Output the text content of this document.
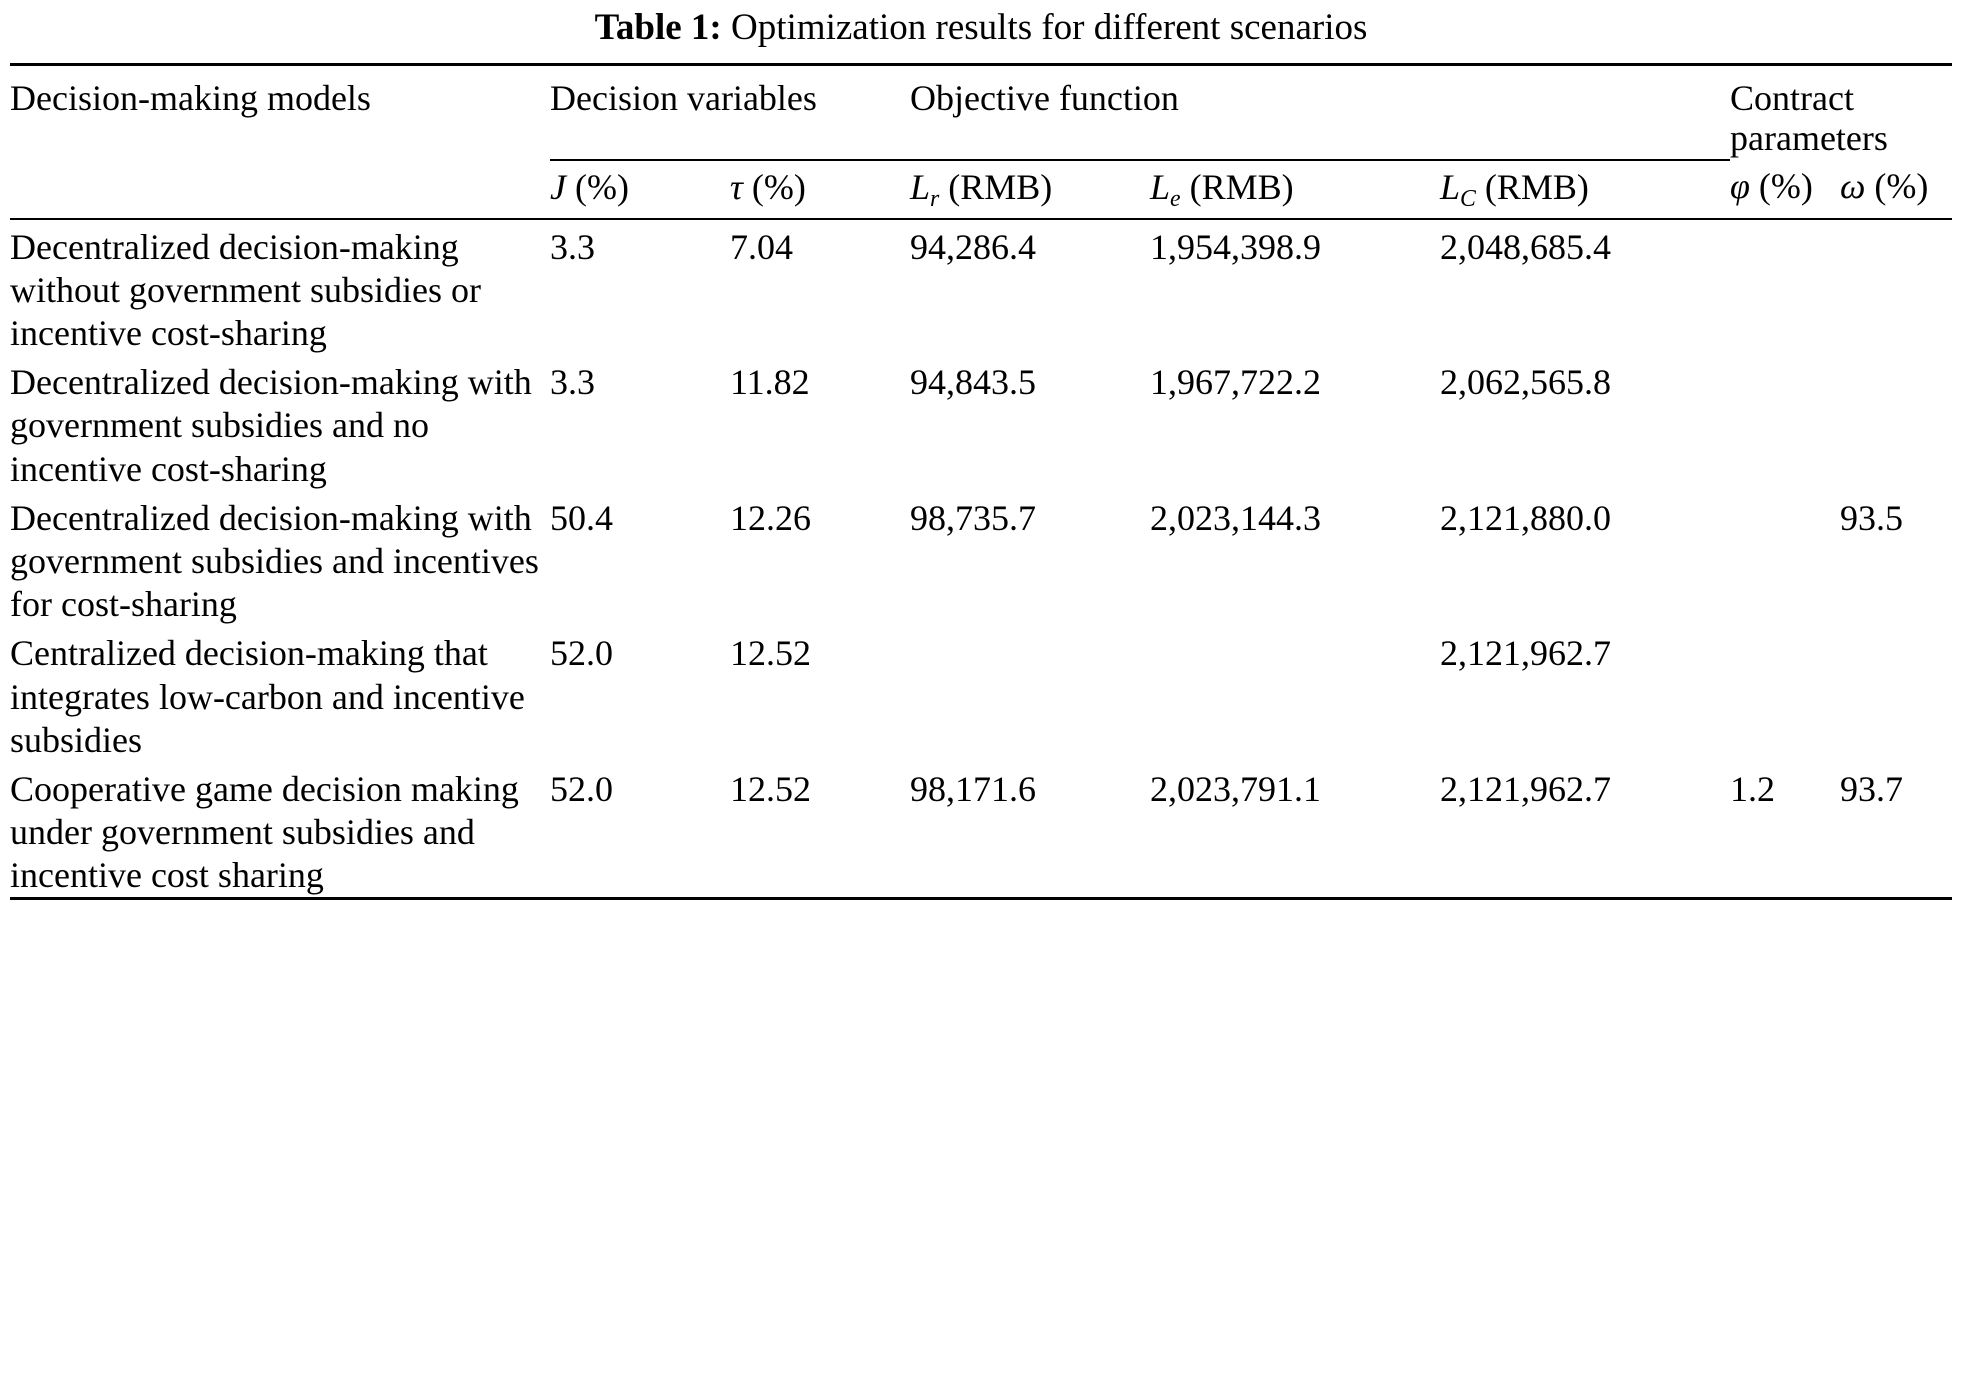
Table 1: Optimization results for different scenarios
Decision-making models	Decision variables		Objective function			Contract parameters	
	J (%)	τ (%)	$L_r$ (RMB)	$L_e$ (RMB)	$L_C$ (RMB)	φ (%)	ω (%)
Decentralized decision-making without government subsidies or incentive cost-sharing	3.3	7.04	94,286.4	1,954,398.9	2,048,685.4		
Decentralized decision-making with government subsidies and no incentive cost-sharing	3.3	11.82	94,843.5	1,967,722.2	2,062,565.8		
Decentralized decision-making with government subsidies and incentives for cost-sharing	50.4	12.26	98,735.7	2,023,144.3	2,121,880.0		93.5
Centralized decision-making that integrates low-carbon and incentive subsidies	52.0	12.52			2,121,962.7		
Cooperative game decision making under government subsidies and incentive cost sharing	52.0	12.52	98,171.6	2,023,791.1	2,121,962.7	1.2	93.7
